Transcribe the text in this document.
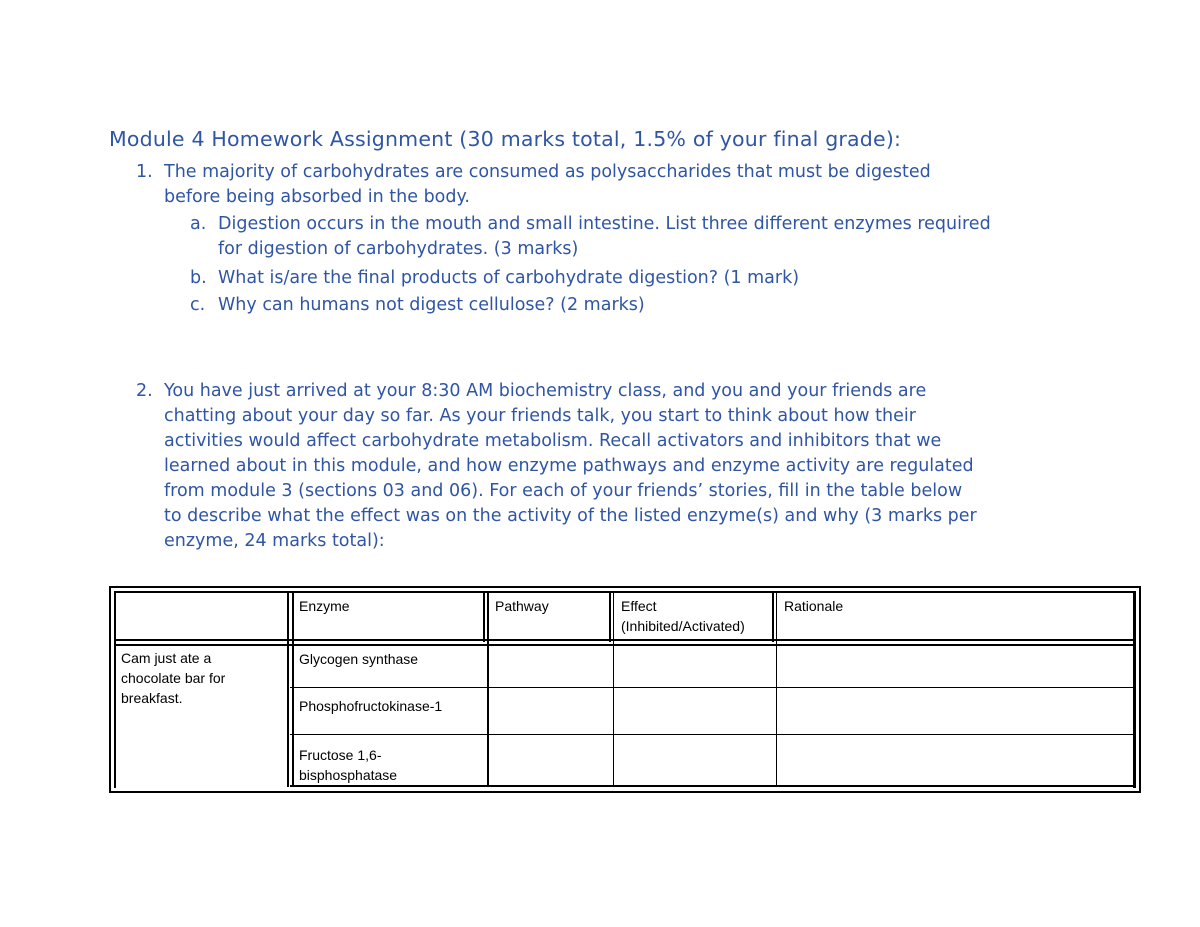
Module 4 Homework Assignment (30 marks total, 1.5% of your final grade):
1. The majority of carbohydrates are consumed as polysaccharides that must be digested
before being absorbed in the body.
a. Digestion occurs in the mouth and small intestine. List three different enzymes required
for digestion of carbohydrates. (3 marks)
b. What is/are the final products of carbohydrate digestion? (1 mark)
c. Why can humans not digest cellulose? (2 marks)
2. You have just arrived at your 8:30 AM biochemistry class, and you and your friends are
chatting about your day so far. As your friends talk, you start to think about how their
activities would affect carbohydrate metabolism. Recall activators and inhibitors that we
learned about in this module, and how enzyme pathways and enzyme activity are regulated
from module 3 (sections 03 and 06). For each of your friends’ stories, fill in the table below
to describe what the effect was on the activity of the listed enzyme(s) and why (3 marks per
enzyme, 24 marks total):
Enzyme	Pathway	Effect
(Inhibited/Activated)
Rationale
Cam just ate a
chocolate bar for
breakfast.
Glycogen synthase
Phosphofructokinase-1
Fructose 1,6-
bisphosphatase
